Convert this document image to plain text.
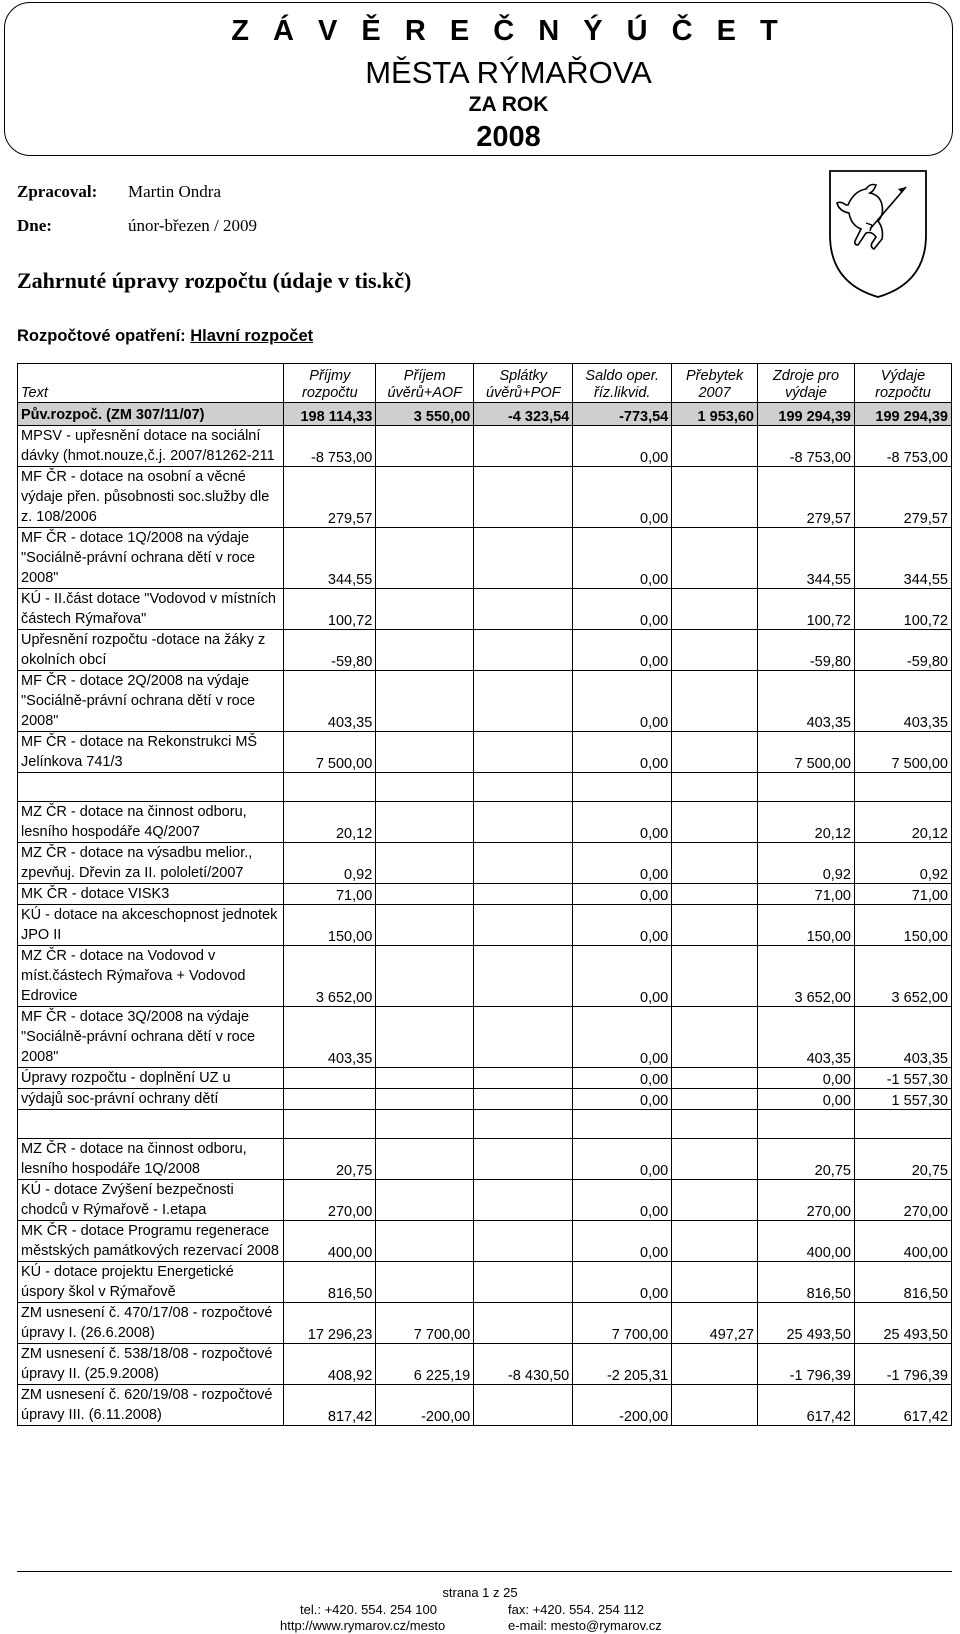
Z Á V Ě R E Č N Ý Ú Č E T
MĚSTA RÝMAŘOVA
ZA ROK
2008
Zpracoval: Martin Ondra
Dne:	únor-březen / 2009
Zahrnuté úpravy rozpočtu (údaje v tis.kč)
Rozpočtové opatření: Hlavní rozpočet
Text	Příjmy rozpočtu	Příjem úvěrů+AOF	Splátky úvěrů+POF	Saldo oper. říz.likvid.	Přebytek 2007	Zdroje pro výdaje	Výdaje rozpočtu
Pův.rozpoč. (ZM 307/11/07)	198 114,33	3 550,00	-4 323,54	-773,54	1 953,60	199 294,39	199 294,39
MPSV - upřesnění dotace na sociální dávky (hmot.nouze,č.j. 2007/81262-211	-8 753,00			0,00		-8 753,00	-8 753,00
MF ČR - dotace na osobní a věcné výdaje přen. působnosti soc.služby dle z. 108/2006	279,57			0,00		279,57	279,57
MF ČR - dotace 1Q/2008 na výdaje "Sociálně-právní ochrana dětí v roce 2008"	344,55			0,00		344,55	344,55
KÚ - II.část dotace "Vodovod v místních částech Rýmařova"	100,72			0,00		100,72	100,72
Upřesnění rozpočtu -dotace na žáky z okolních obcí	-59,80			0,00		-59,80	-59,80
MF ČR - dotace 2Q/2008 na výdaje "Sociálně-právní ochrana dětí v roce 2008"	403,35			0,00		403,35	403,35
MF ČR - dotace na Rekonstrukci MŠ Jelínkova 741/3	7 500,00			0,00		7 500,00	7 500,00

MZ ČR - dotace na činnost odboru, lesního hospodáře 4Q/2007	20,12			0,00		20,12	20,12
MZ ČR - dotace na výsadbu melior., zpevňuj. Dřevin za II. pololetí/2007	0,92			0,00		0,92	0,92
MK ČR - dotace VISK3	71,00			0,00		71,00	71,00
KÚ - dotace na akceschopnost jednotek JPO II	150,00			0,00		150,00	150,00
MZ ČR - dotace na Vodovod v míst.částech Rýmařova + Vodovod Edrovice	3 652,00			0,00		3 652,00	3 652,00
MF ČR - dotace 3Q/2008 na výdaje "Sociálně-právní ochrana dětí v roce 2008"	403,35			0,00		403,35	403,35
Úpravy rozpočtu - doplnění UZ u				0,00		0,00	-1 557,30
výdajů soc-právní ochrany dětí				0,00		0,00	1 557,30

MZ ČR - dotace na činnost odboru, lesního hospodáře 1Q/2008	20,75			0,00		20,75	20,75
KÚ - dotace Zvýšení bezpečnosti chodců v Rýmařově - I.etapa	270,00			0,00		270,00	270,00
MK ČR - dotace Programu regenerace městských památkových rezervací 2008	400,00			0,00		400,00	400,00
KÚ - dotace projektu Energetické úspory škol v Rýmařově	816,50			0,00		816,50	816,50
ZM usnesení č. 470/17/08 - rozpočtové úpravy I. (26.6.2008)	17 296,23	7 700,00		7 700,00	497,27	25 493,50	25 493,50
ZM usnesení č. 538/18/08 - rozpočtové úpravy II. (25.9.2008)	408,92	6 225,19	-8 430,50	-2 205,31		-1 796,39	-1 796,39
ZM usnesení č. 620/19/08 - rozpočtové úpravy III. (6.11.2008)	817,42	-200,00		-200,00		617,42	617,42
strana 1 z 25
tel.: +420. 554. 254 100	fax: +420. 554. 254 112
http://www.rymarov.cz/mesto	e-mail: mesto@rymarov.cz
